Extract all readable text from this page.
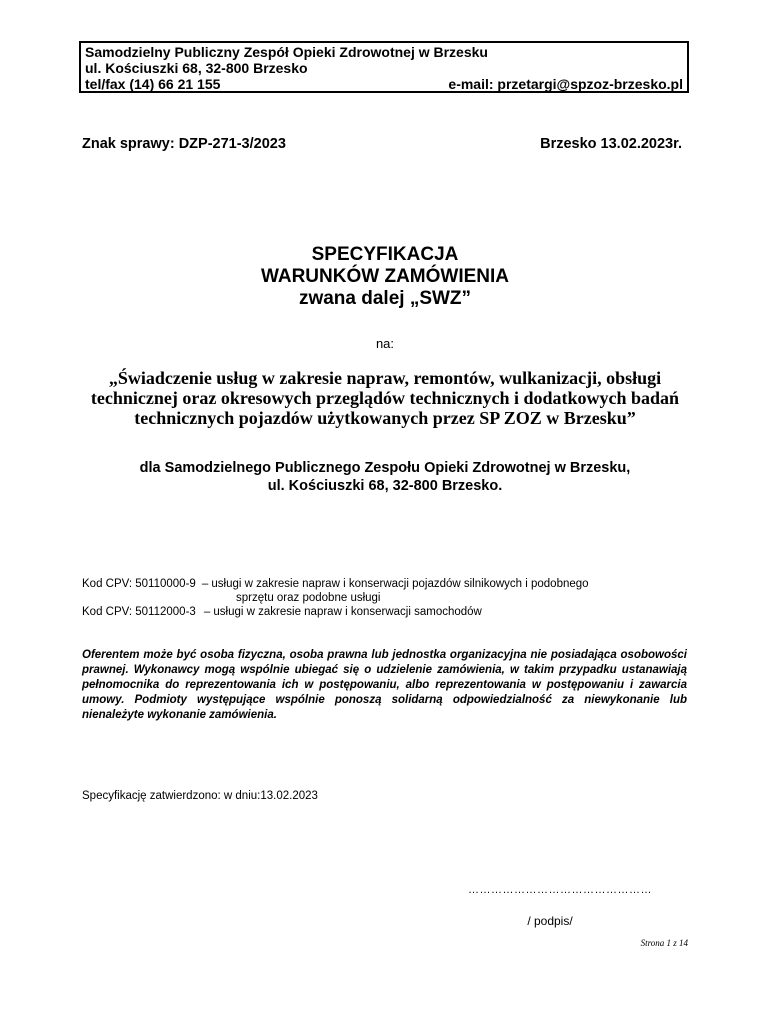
Samodzielny Publiczny Zespół Opieki Zdrowotnej w Brzesku
ul. Kościuszki 68, 32-800 Brzesko
tel/fax (14) 66 21 155	e-mail: przetargi@spzoz-brzesko.pl
Znak sprawy: DZP-271-3/2023	Brzesko 13.02.2023r.
SPECYFIKACJA
WARUNKÓW ZAMÓWIENIA
zwana dalej „SWZ”
na:
„Świadczenie usług w zakresie napraw, remontów, wulkanizacji, obsługi technicznej oraz okresowych przeglądów technicznych i dodatkowych badań technicznych pojazdów użytkowanych przez SP ZOZ w Brzesku”
dla Samodzielnego Publicznego Zespołu Opieki Zdrowotnej w Brzesku,
ul. Kościuszki 68, 32-800 Brzesko.
Kod CPV: 50110000-9 – usługi w zakresie napraw i konserwacji pojazdów silnikowych i podobnego
sprzętu oraz podobne usługi
Kod CPV: 50112000-3 – usługi w zakresie napraw i konserwacji samochodów
Oferentem może być osoba fizyczna, osoba prawna lub jednostka organizacyjna nie posiadająca osobowości prawnej. Wykonawcy mogą wspólnie ubiegać się o udzielenie zamówienia, w takim przypadku ustanawiają pełnomocnika do reprezentowania ich w postępowaniu, albo reprezentowania w postępowaniu i zawarcia umowy. Podmioty występujące wspólnie ponoszą solidarną odpowiedzialność za niewykonanie lub nienależyte wykonanie zamówienia.
Specyfikację zatwierdzono: w dniu:13.02.2023
…………………………………………
/ podpis/
Strona 1 z 14
